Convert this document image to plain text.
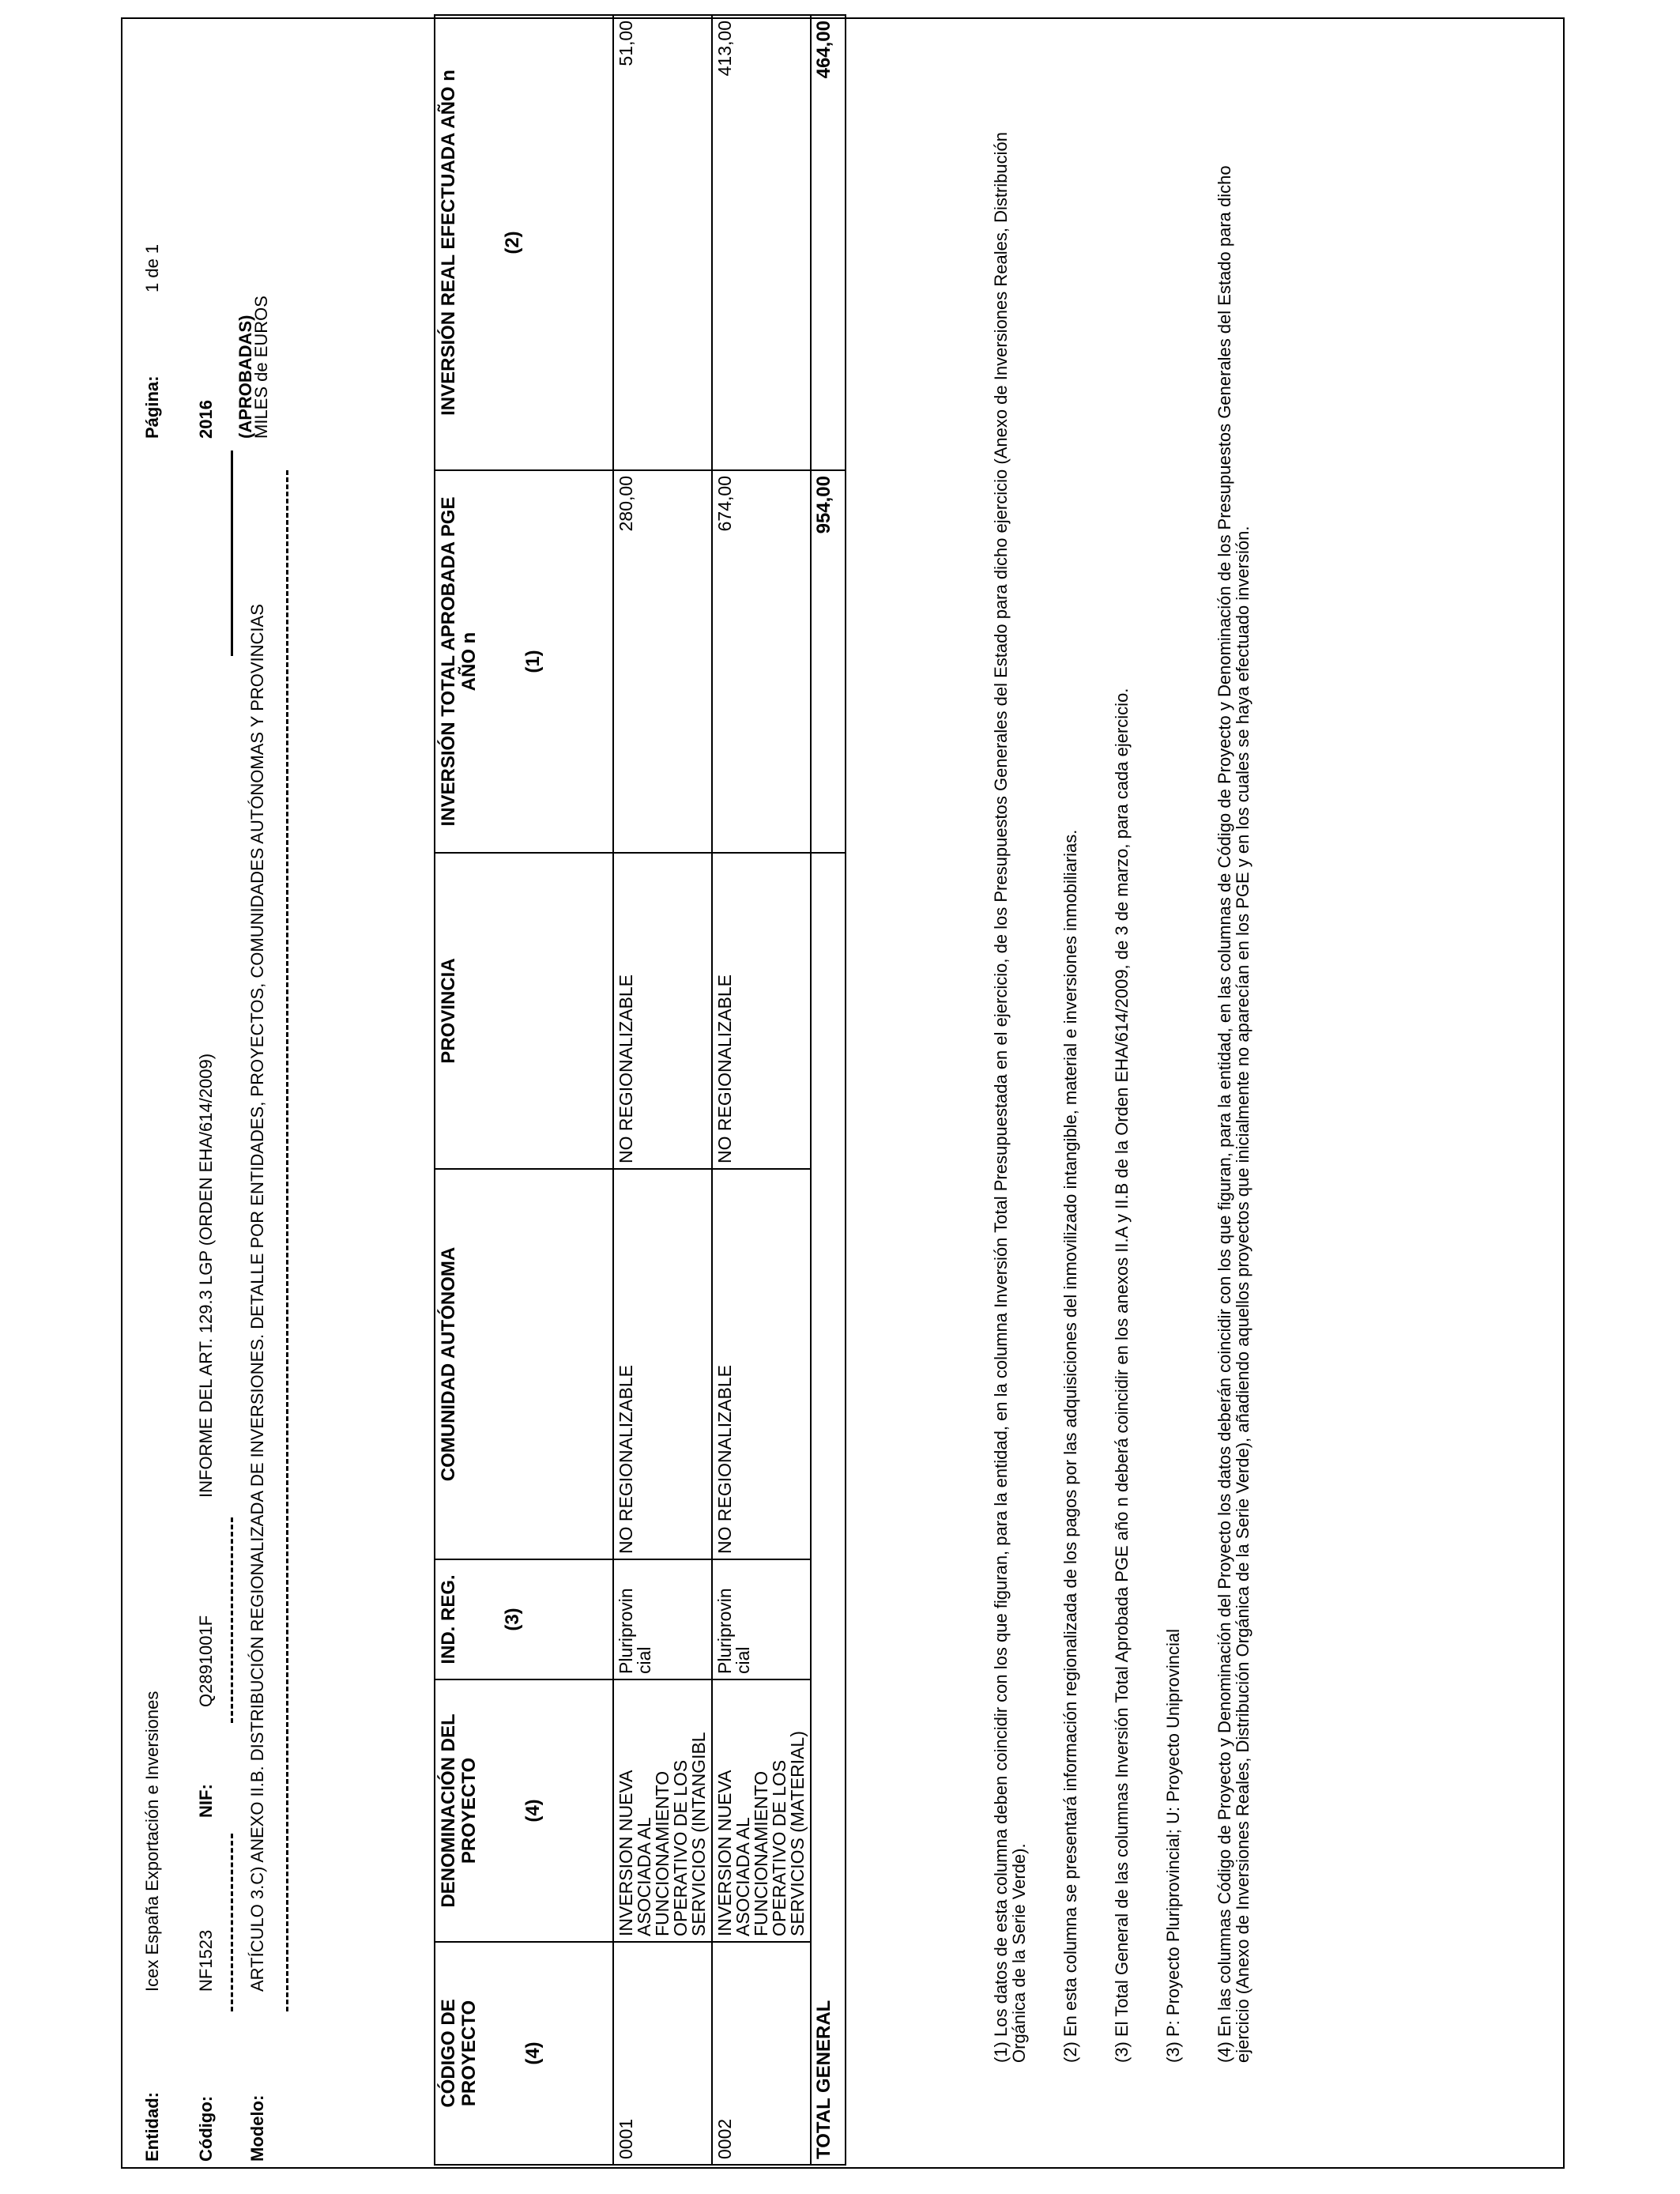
Entidad:
Icex España Exportación e Inversiones
Página:
1 de 1
Código:
NF1523
NIF:
Q2891001F
INFORME DEL ART. 129.3 LGP (ORDEN EHA/614/2009)
2016
Modelo:
ARTÍCULO 3.C) ANEXO II.B. DISTRIBUCIÓN REGIONALIZADA DE INVERSIONES. DETALLE POR ENTIDADES, PROYECTOS, COMUNIDADES AUTÓNOMAS Y PROVINCIAS
(APROBADAS)
MILES de EUROS
CÓDIGO DE PROYECTO (4)	DENOMINACIÓN DEL PROYECTO (4)	IND. REG. (3)	COMUNIDAD AUTÓNOMA	PROVINCIA	INVERSIÓN TOTAL APROBADA PGE AÑO n (1)	INVERSIÓN REAL EFECTUADA AÑO n (2)

0001	INVERSION NUEVA ASOCIADA AL FUNCIONAMIENTO OPERATIVO DE LOS SERVICIOS (INTANGIBL	Pluriprovin cial	NO REGIONALIZABLE	NO REGIONALIZABLE	280,00	51,00
0002	INVERSION NUEVA ASOCIADA AL FUNCIONAMIENTO OPERATIVO DE LOS SERVICIOS (MATERIAL)	Pluriprovin cial	NO REGIONALIZABLE	NO REGIONALIZABLE	674,00	413,00
TOTAL GENERAL					954,00	464,00

(1) Los datos de esta columna deben coincidir con los que figuran, para la entidad, en la columna Inversión Total Presupuestada en el ejercicio, de los Presupuestos Generales del Estado para dicho ejercicio (Anexo de Inversiones Reales, Distribución Orgánica de la Serie Verde). (2) En esta columna se presentará información regionalizada de los pagos por las adquisiciones del inmovilizado intangible, material e inversiones inmobiliarias. (3) El Total General de las columnas Inversión Total Aprobada PGE año n deberá coincidir en los anexos II.A y II.B de la Orden EHA/614/2009, de 3 de marzo, para cada ejercicio. (3) P: Proyecto Pluriprovincial; U: Proyecto Uniprovincial (4) En las columnas Código de Proyecto y Denominación del Proyecto los datos deberán coincidir con los que figuran, para la entidad, en las columnas de Código de Proyecto y Denominación de los Presupuestos Generales del Estado para dicho ejercicio (Anexo de Inversiones Reales, Distribución Orgánica de la Serie Verde), añadiendo aquellos proyectos que inicialmente no aparecían en los PGE y en los cuales se haya efectuado inversión.
